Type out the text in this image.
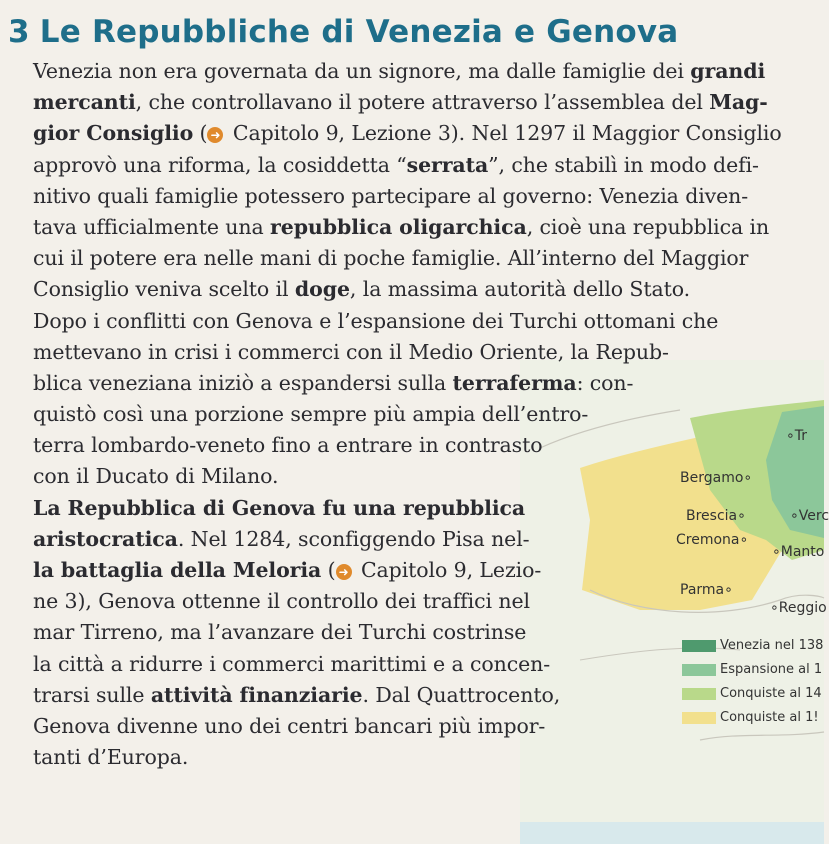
3 Le Repubbliche di Venezia e Genova
Venezia non era governata da un signore, ma dalle famiglie dei grandi
mercanti, che controllavano il potere attraverso l’assemblea del Mag-
gior Consiglio ( ➜ Capitolo 9, Lezione 3). Nel 1297 il Maggior Consiglio
approvò una riforma, la cosiddetta “serrata”, che stabilì in modo defi-
nitivo quali famiglie potessero partecipare al governo: Venezia diven-
tava ufficialmente una repubblica oligarchica, cioè una repubblica in
cui il potere era nelle mani di poche famiglie. All’interno del Maggior
Consiglio veniva scelto il doge, la massima autorità dello Stato.
Dopo i conflitti con Genova e l’espansione dei Turchi ottomani che
mettevano in crisi i commerci con il Medio Oriente, la Repub-
blica veneziana iniziò a espandersi sulla terraferma: con-
quistò così una porzione sempre più ampia dell’entro-
terra lombardo-veneto fino a entrare in contrasto
con il Ducato di Milano.
La Repubblica di Genova fu una repubblica
aristocratica. Nel 1284, sconfiggendo Pisa nel-
la battaglia della Meloria ( ➜ Capitolo 9, Lezio-
ne 3), Genova ottenne il controllo dei traffici nel
mar Tirreno, ma l’avanzare dei Turchi costrinse
la città a ridurre i commerci marittimi e a concen-
trarsi sulle attività finanziarie. Dal Quattrocento,
Genova divenne uno dei centri bancari più impor-
tanti d’Europa.
∘Tr
Bergamo∘
Brescia∘	∘Verc
Cremona∘
∘Manto
Parma∘
∘Reggio
Venezia nel 138
Espansione al 1
Conquiste al 14
Conquiste al 1!
